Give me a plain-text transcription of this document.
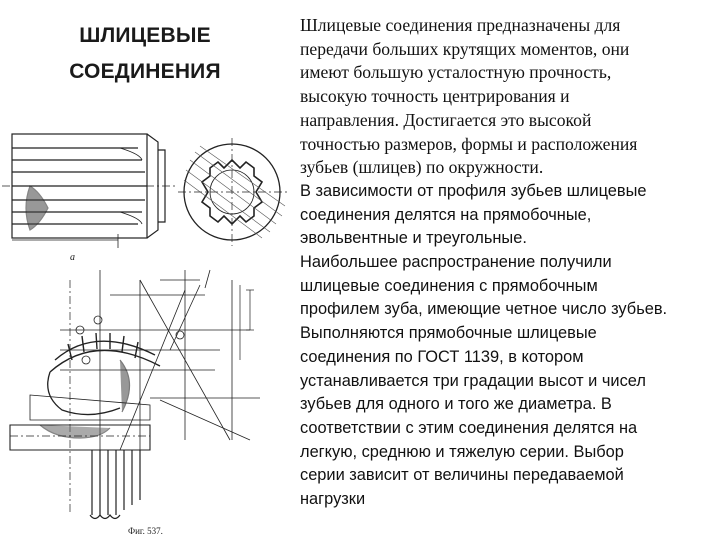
ШЛИЦЕВЫЕ
СОЕДИНЕНИЯ
а
Фиг. 537.

Шлицевые соединения предназначены для
передачи больших крутящих моментов, они
имеют большую усталостную прочность,
высокую точность центрирования и
направления. Достигается это высокой
точностью размеров, формы и расположения
зубьев (шлицев) по окружности.

В зависимости от профиля зубьев шлицевые
соединения делятся на прямобочные,
эвольвентные и треугольные.

Наибольшее распространение получили
шлицевые соединения с прямобочным
профилем зуба, имеющие четное число зубьев.

Выполняются прямобочные шлицевые
соединения по ГОСТ 1139, в котором
устанавливается три градации высот и чисел
зубьев для одного и того же диаметра. В
соответствии с этим соединения делятся на
легкую, среднюю и тяжелую серии. Выбор
серии зависит от величины передаваемой
нагрузки
